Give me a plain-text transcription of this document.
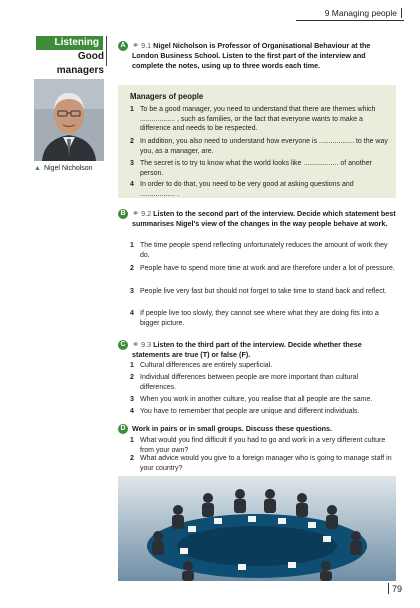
9 Managing people
Listening
Good managers
▲ Nigel Nicholson
A ⚭ 9.1 Nigel Nicholson is Professor of Organisational Behaviour at the London Business School. Listen to the first part of the interview and complete the notes, using up to three words each time.
Managers of people
1 To be a good manager, you need to understand that there are themes which .................. , such as families, or the fact that everyone wants to make a difference and needs to be respected.
2 In addition, you also need to understand how everyone is .................. to the way you, as a manager, are.
3 The secret is to try to know what the world looks like .................. of another person.
4 In order to do that, you need to be very good at asking questions and .................. .
B ⚭ 9.2 Listen to the second part of the interview. Decide which statement best summarises Nigel's view of the changes in the way people behave at work.
1 The time people spend reflecting unfortunately reduces the amount of work they do.
2 People have to spend more time at work and are therefore under a lot of pressure.
3 People live very fast but should not forget to take time to stand back and reflect.
4 If people live too slowly, they cannot see where what they are doing fits into a bigger picture.
C ⚭ 9.3 Listen to the third part of the interview. Decide whether these statements are true (T) or false (F).
1 Cultural differences are entirely superficial.
2 Individual differences between people are more important than cultural differences.
3 When you work in another culture, you realise that all people are the same.
4 You have to remember that people are unique and different individuals.
D Work in pairs or in small groups. Discuss these questions.
1 What would you find difficult if you had to go and work in a very different culture from your own?
2 What advice would you give to a foreign manager who is going to manage staff in your country?
79
